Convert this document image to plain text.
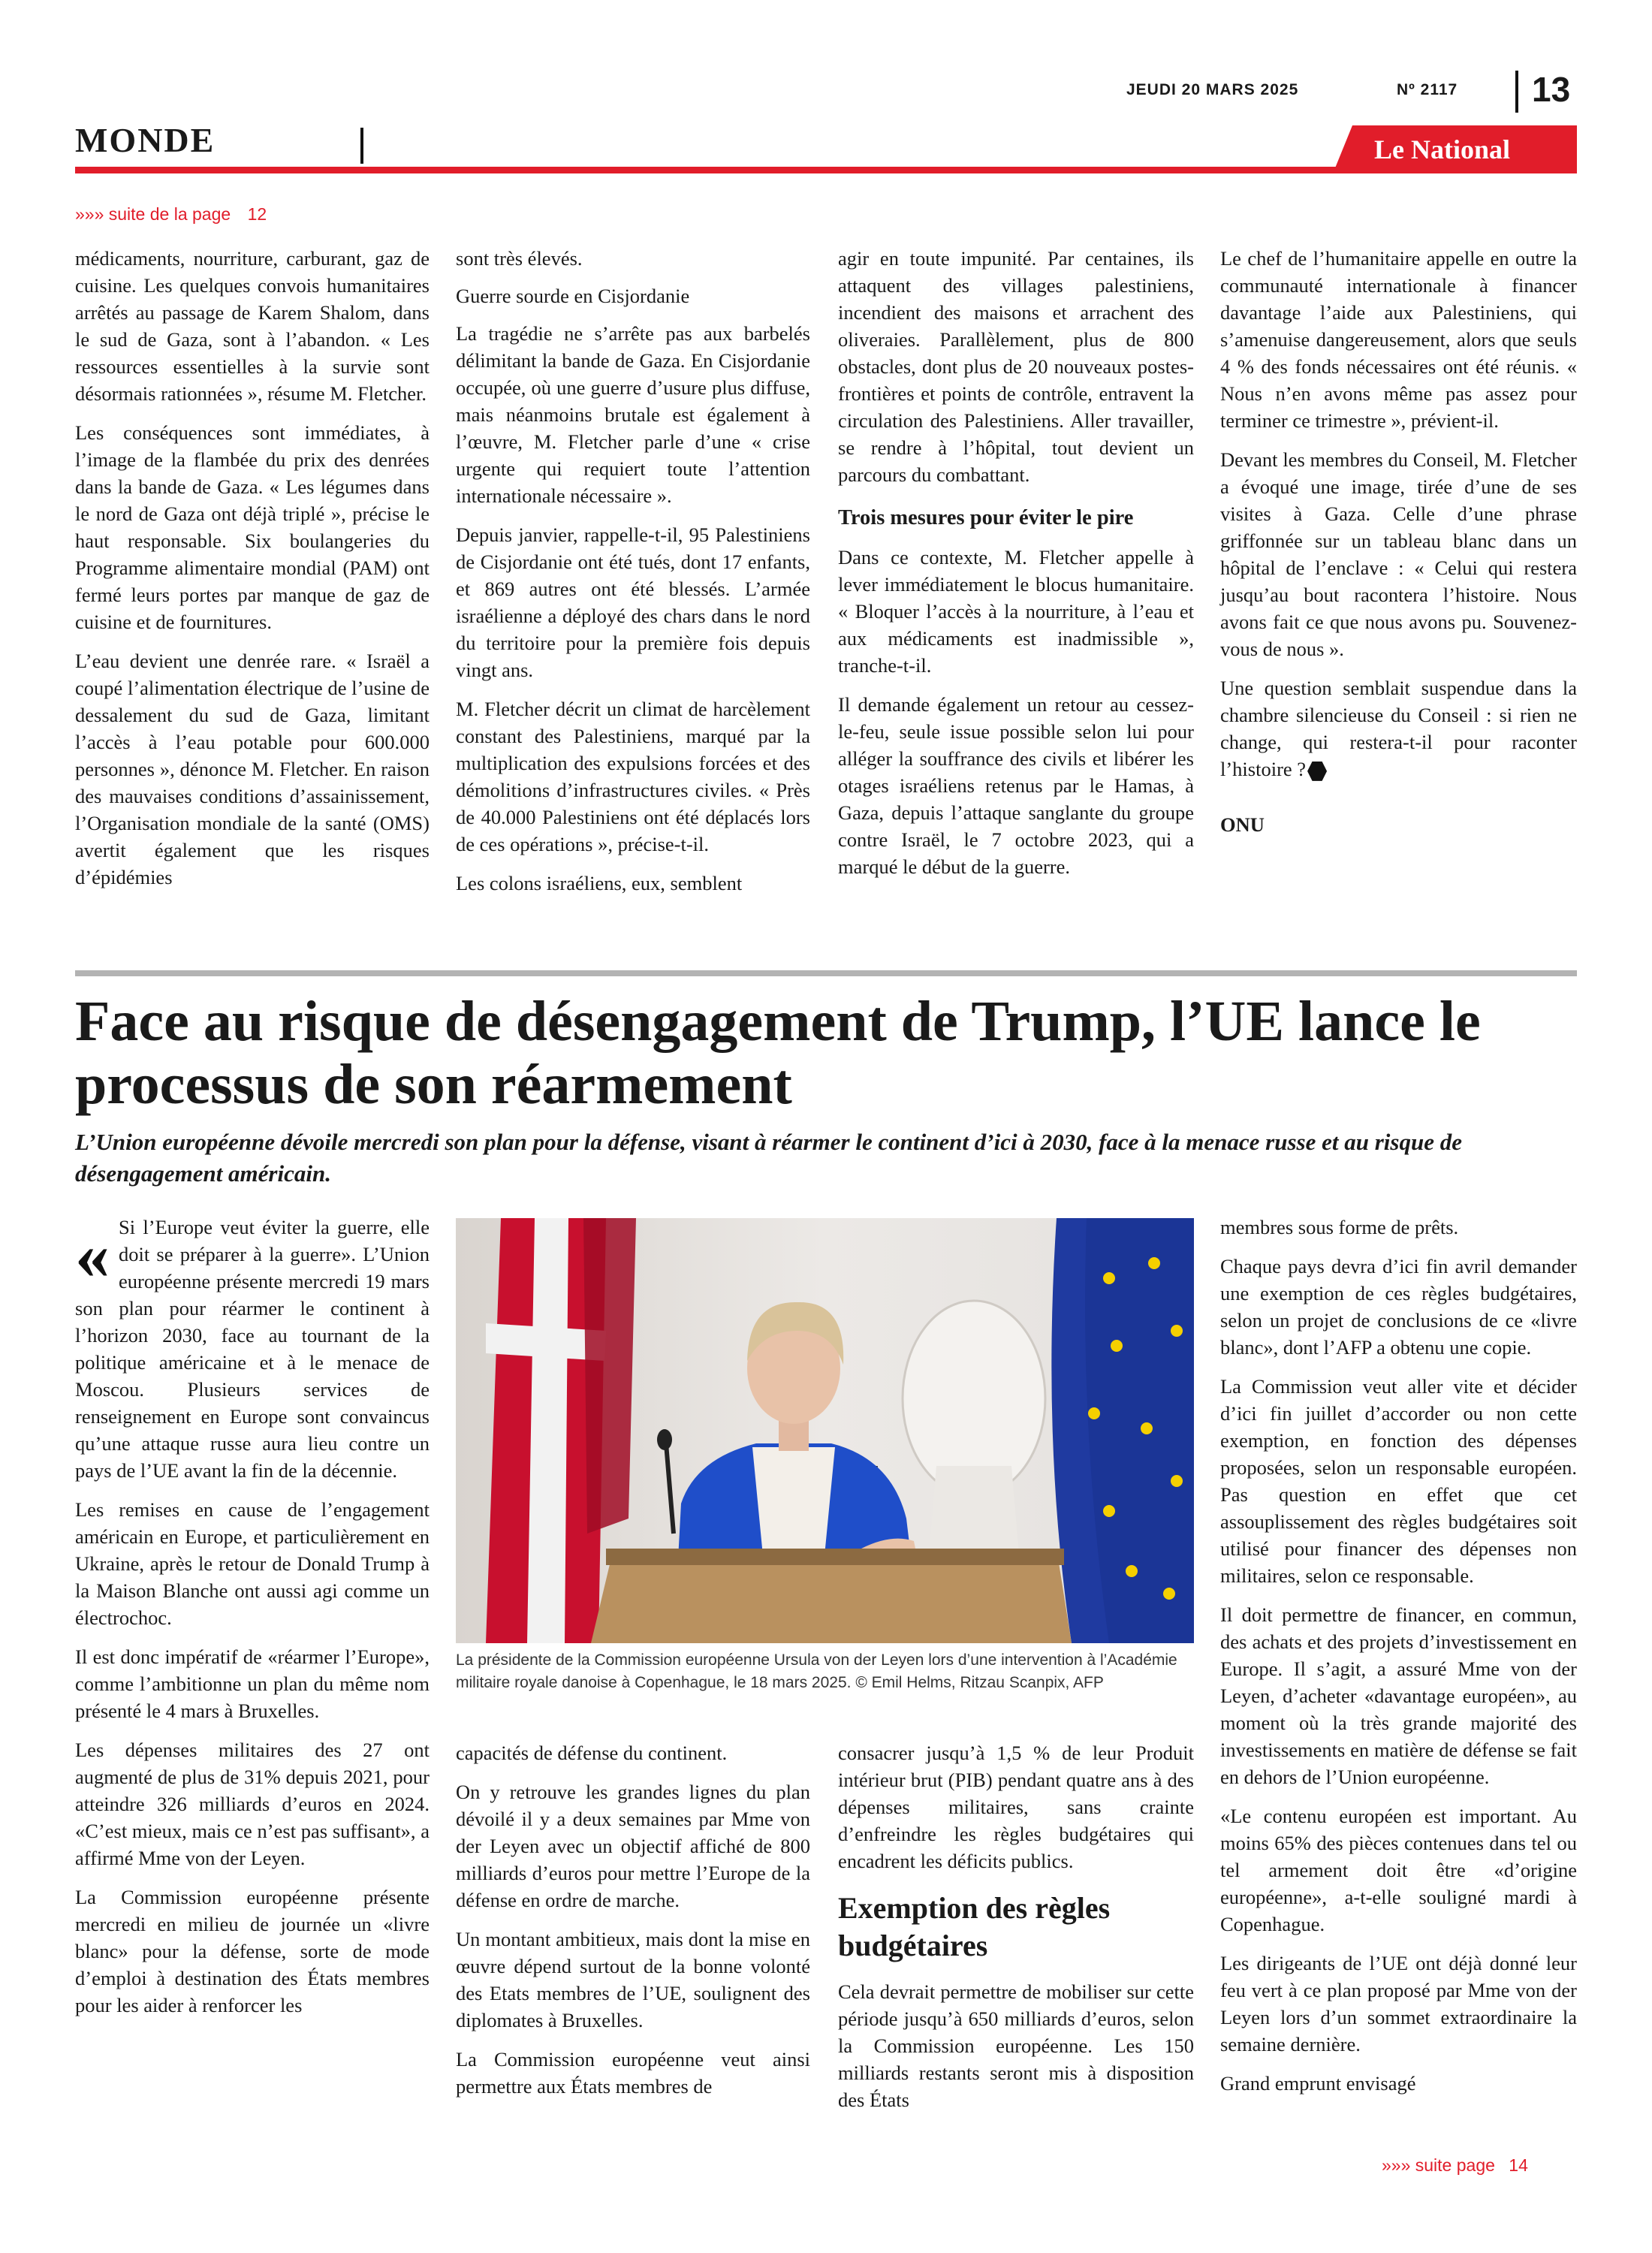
JEUDI 20 MARS 2025	Nº 2117 13
MONDE	Le National
»»» suite de la page 12

médicaments, nourriture, carburant, gaz de cuisine. Les quelques convois humanitaires arrêtés au passage de Karem Shalom, dans le sud de Gaza, sont à l’abandon. « Les ressources essentielles à la survie sont désormais rationnées », résume M. Fletcher.

Les conséquences sont immédiates, à l’image de la flambée du prix des denrées dans la bande de Gaza. « Les légumes dans le nord de Gaza ont déjà triplé », précise le haut responsable. Six boulangeries du Programme alimentaire mondial (PAM) ont fermé leurs portes par manque de gaz de cuisine et de fournitures.

L’eau devient une denrée rare. « Israël a coupé l’alimentation électrique de l’usine de dessalement du sud de Gaza, limitant l’accès à l’eau potable pour 600.000 personnes », dénonce M. Fletcher. En raison des mauvaises conditions d’assainissement, l’Organisation mondiale de la santé (OMS) avertit également que les risques d’épidémies

sont très élevés.

Guerre sourde en Cisjordanie

La tragédie ne s’arrête pas aux barbelés délimitant la bande de Gaza. En Cisjordanie occupée, où une guerre d’usure plus diffuse, mais néanmoins brutale est également à l’œuvre, M. Fletcher parle d’une « crise urgente qui requiert toute l’attention internationale nécessaire ».

Depuis janvier, rappelle-t-il, 95 Palestiniens de Cisjordanie ont été tués, dont 17 enfants, et 869 autres ont été blessés. L’armée israélienne a déployé des chars dans le nord du territoire pour la première fois depuis vingt ans.

M. Fletcher décrit un climat de harcèlement constant des Palestiniens, marqué par la multiplication des expulsions forcées et des démolitions d’infrastructures civiles. « Près de 40.000 Palestiniens ont été déplacés lors de ces opérations », précise-t-il.

Les colons israéliens, eux, semblent

agir en toute impunité. Par centaines, ils attaquent des villages palestiniens, incendient des maisons et arrachent des oliveraies. Parallèlement, plus de 800 obstacles, dont plus de 20 nouveaux postes-frontières et points de contrôle, entravent la circulation des Palestiniens. Aller travailler, se rendre à l’hôpital, tout devient un parcours du combattant.

Trois mesures pour éviter le pire

Dans ce contexte, M. Fletcher appelle à lever immédiatement le blocus humanitaire. « Bloquer l’accès à la nourriture, à l’eau et aux médicaments est inadmissible », tranche-t-il.

Il demande également un retour au cessez-le-feu, seule issue possible selon lui pour alléger la souffrance des civils et libérer les otages israéliens retenus par le Hamas, à Gaza, depuis l’attaque sanglante du groupe contre Israël, le 7 octobre 2023, qui a marqué le début de la guerre.

Le chef de l’humanitaire appelle en outre la communauté internationale à financer davantage l’aide aux Palestiniens, qui s’amenuise dangereusement, alors que seuls 4 % des fonds nécessaires ont été réunis. « Nous n’en avons même pas assez pour terminer ce trimestre », prévient-il.

Devant les membres du Conseil, M. Fletcher a évoqué une image, tirée d’une de ses visites à Gaza. Celle d’une phrase griffonnée sur un tableau blanc dans un hôpital de l’enclave : « Celui qui restera jusqu’au bout racontera l’histoire. Nous avons fait ce que nous avons pu. Souvenez-vous de nous ».

Une question semblait suspendue dans la chambre silencieuse du Conseil : si rien ne change, qui restera-t-il pour raconter l’histoire ?

ONU

Face au risque de désengagement de Trump, l’UE lance le processus de son réarmement
L’Union européenne dévoile mercredi son plan pour la défense, visant à réarmer le continent d’ici à 2030, face à la menace russe et au risque de désengagement américain.

« Si l’Europe veut éviter la guerre, elle doit se préparer à la guerre». L’Union européenne présente mercredi 19 mars son plan pour réarmer le continent à l’horizon 2030, face au tournant de la politique américaine et à le menace de Moscou. Plusieurs services de renseignement en Europe sont convaincus qu’une attaque russe aura lieu contre un pays de l’UE avant la fin de la décennie.

Les remises en cause de l’engagement américain en Europe, et particulièrement en Ukraine, après le retour de Donald Trump à la Maison Blanche ont aussi agi comme un électrochoc.

Il est donc impératif de «réarmer l’Europe», comme l’ambitionne un plan du même nom présenté le 4 mars à Bruxelles.

Les dépenses militaires des 27 ont augmenté de plus de 31% depuis 2021, pour atteindre 326 milliards d’euros en 2024. «C’est mieux, mais ce n’est pas suffisant», a affirmé Mme von der Leyen.

La Commission européenne présente mercredi en milieu de journée un «livre blanc» pour la défense, sorte de mode d’emploi à destination des États membres pour les aider à renforcer les

La présidente de la Commission européenne Ursula von der Leyen lors d’une intervention à l’Académie militaire royale danoise à Copenhague, le 18 mars 2025. © Emil Helms, Ritzau Scanpix, AFP

capacités de défense du continent.

On y retrouve les grandes lignes du plan dévoilé il y a deux semaines par Mme von der Leyen avec un objectif affiché de 800 milliards d’euros pour mettre l’Europe de la défense en ordre de marche.

Un montant ambitieux, mais dont la mise en œuvre dépend surtout de la bonne volonté des Etats membres de l’UE, soulignent des diplomates à Bruxelles.

La Commission européenne veut ainsi permettre aux États membres de

consacrer jusqu’à 1,5 % de leur Produit intérieur brut (PIB) pendant quatre ans à des dépenses militaires, sans crainte d’enfreindre les règles budgétaires qui encadrent les déficits publics.

Exemption des règles budgétaires

Cela devrait permettre de mobiliser sur cette période jusqu’à 650 milliards d’euros, selon la Commission européenne. Les 150 milliards restants seront mis à disposition des États

membres sous forme de prêts.

Chaque pays devra d’ici fin avril demander une exemption de ces règles budgétaires, selon un projet de conclusions de ce «livre blanc», dont l’AFP a obtenu une copie.

La Commission veut aller vite et décider d’ici fin juillet d’accorder ou non cette exemption, en fonction des dépenses proposées, selon un responsable européen. Pas question en effet que cet assouplissement des règles budgétaires soit utilisé pour financer des dépenses non militaires, selon ce responsable.

Il doit permettre de financer, en commun, des achats et des projets d’investissement en Europe. Il s’agit, a assuré Mme von der Leyen, d’acheter «davantage européen», au moment où la très grande majorité des investissements en matière de défense se fait en dehors de l’Union européenne.

«Le contenu européen est important. Au moins 65% des pièces contenues dans tel ou tel armement doit être «d’origine européenne», a-t-elle souligné mardi à Copenhague.

Les dirigeants de l’UE ont déjà donné leur feu vert à ce plan proposé par Mme von der Leyen lors d’un sommet extraordinaire la semaine dernière.

Grand emprunt envisagé

»»» suite page 14
